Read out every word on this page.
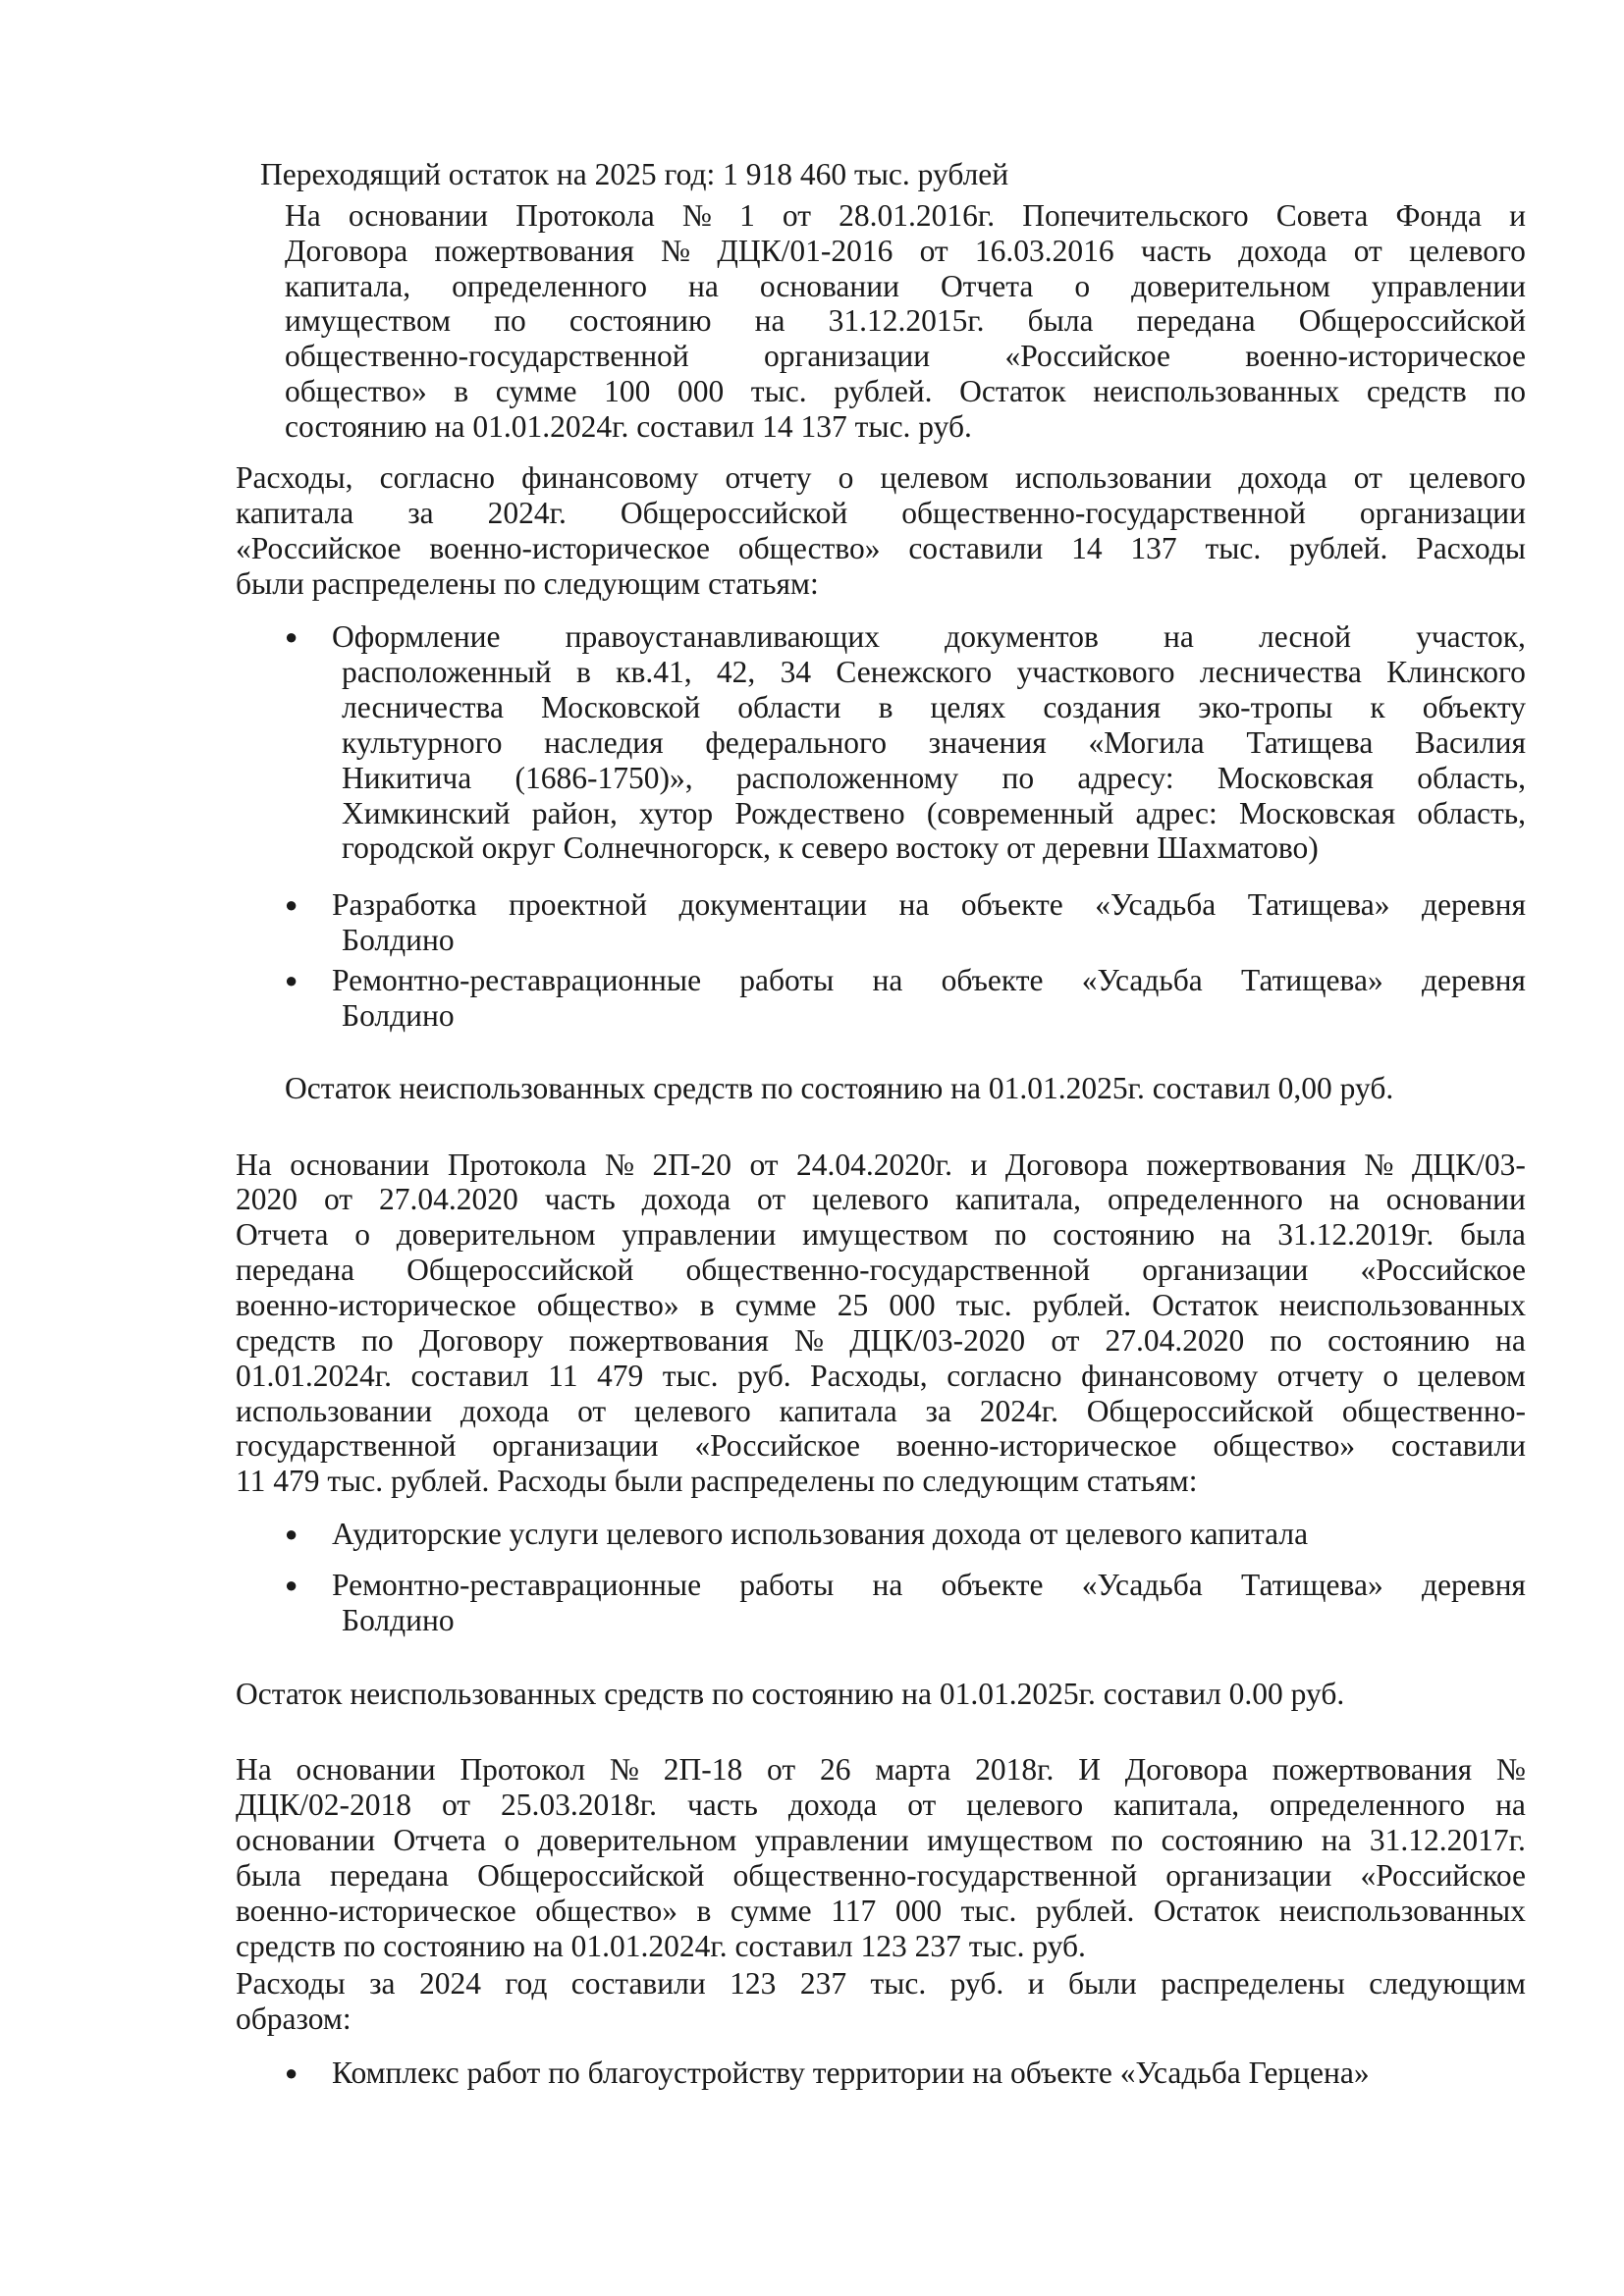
Переходящий остаток на 2025 год: 1 918 460 тыс. рублей
На основании Протокола № 1 от 28.01.2016г. Попечительского Совета Фонда и
Договора пожертвования № ДЦК/01-2016 от 16.03.2016 часть дохода от целевого
капитала, определенного на основании Отчета о доверительном управлении
имуществом по состоянию на 31.12.2015г. была передана Общероссийской
общественно-государственной организации «Российское военно-историческое
общество» в сумме 100 000 тыс. рублей. Остаток неиспользованных средств по
состоянию на 01.01.2024г. составил 14 137 тыс. руб.
Расходы, согласно финансовому отчету о целевом использовании дохода от целевого
капитала за 2024г. Общероссийской общественно-государственной организации
«Российское военно-историческое общество» составили 14 137 тыс. рублей. Расходы
были распределены по следующим статьям:
● Оформление правоустанавливающих документов на лесной участок,
расположенный в кв.41, 42, 34 Сенежского участкового лесничества Клинского
лесничества Московской области в целях создания эко-тропы к объекту
культурного наследия федерального значения «Могила Татищева Василия
Никитича (1686-1750)», расположенному по адресу: Московская область,
Химкинский район, хутор Рождествено (современный адрес: Московская область,
городской округ Солнечногорск, к северо востоку от деревни Шахматово)
● Разработка проектной документации на объекте «Усадьба Татищева» деревня
Болдино
● Ремонтно-реставрационные работы на объекте «Усадьба Татищева» деревня
Болдино
Остаток неиспользованных средств по состоянию на 01.01.2025г. составил 0,00 руб.
На основании Протокола № 2П-20 от 24.04.2020г. и Договора пожертвования № ДЦК/03-
2020 от 27.04.2020 часть дохода от целевого капитала, определенного на основании
Отчета о доверительном управлении имуществом по состоянию на 31.12.2019г. была
передана Общероссийской общественно-государственной организации «Российское
военно-историческое общество» в сумме 25 000 тыс. рублей. Остаток неиспользованных
средств по Договору пожертвования № ДЦК/03-2020 от 27.04.2020 по состоянию на
01.01.2024г. составил 11 479 тыс. руб. Расходы, согласно финансовому отчету о целевом
использовании дохода от целевого капитала за 2024г. Общероссийской общественно-
государственной организации «Российское военно-историческое общество» составили
11 479 тыс. рублей. Расходы были распределены по следующим статьям:
● Аудиторские услуги целевого использования дохода от целевого капитала
● Ремонтно-реставрационные работы на объекте «Усадьба Татищева» деревня
Болдино
Остаток неиспользованных средств по состоянию на 01.01.2025г. составил 0.00 руб.
На основании Протокол № 2П-18 от 26 марта 2018г. И Договора пожертвования №
ДЦК/02-2018 от 25.03.2018г. часть дохода от целевого капитала, определенного на
основании Отчета о доверительном управлении имуществом по состоянию на 31.12.2017г.
была передана Общероссийской общественно-государственной организации «Российское
военно-историческое общество» в сумме 117 000 тыс. рублей. Остаток неиспользованных
средств по состоянию на 01.01.2024г. составил 123 237 тыс. руб.
Расходы за 2024 год составили 123 237 тыс. руб. и были распределены следующим
образом:
● Комплекс работ по благоустройству территории на объекте «Усадьба Герцена»
